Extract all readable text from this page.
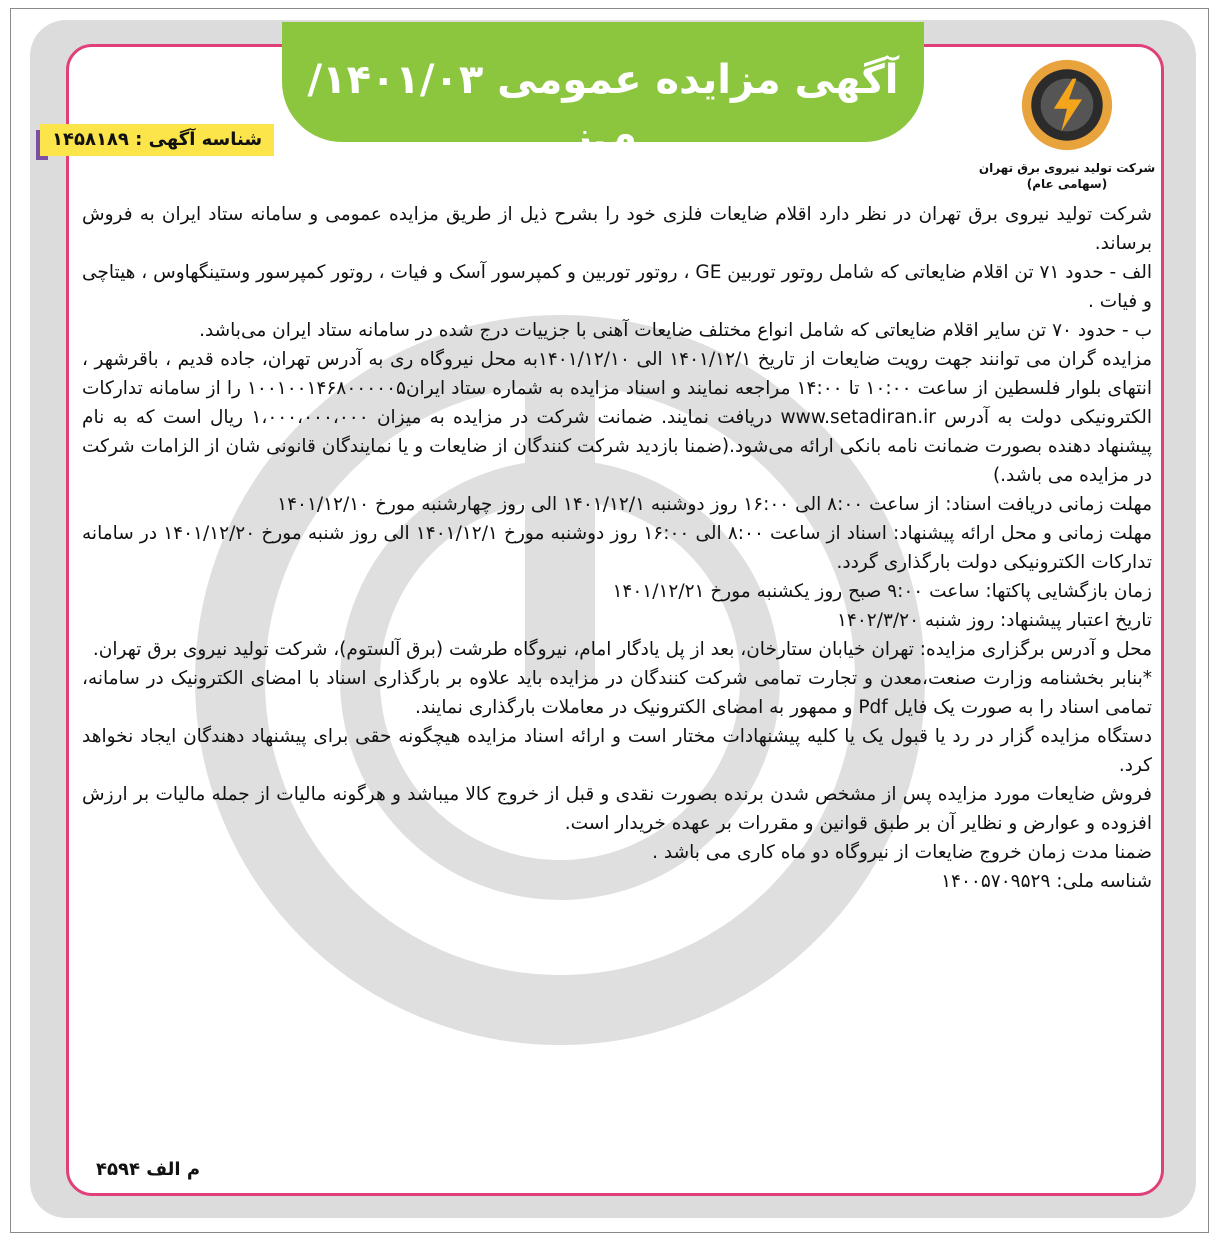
آگهی مزایده عمومی ۱۴۰۱/۰۳/م.ز
شرکت تولید نیروی برق تهران
(سهامی عام)
شناسه آگهی : ۱۴۵۸۱۸۹

شرکت تولید نیروی برق تهران در نظر دارد اقلام ضایعات فلزی خود را بشرح ذیل از طریق مزایده عمومی و سامانه ستاد ایران به فروش برساند.

الف - حدود ۷۱ تن اقلام ضایعاتی که شامل روتور توربین GE ، روتور توربین و کمپرسور آسک و فیات ، روتور کمپرسور وستینگهاوس ، هیتاچی و فیات .

ب - حدود ۷۰ تن سایر اقلام ضایعاتی که شامل انواع مختلف ضایعات آهنی با جزییات درج شده در سامانه ستاد ایران می‌باشد.

مزایده گران می توانند جهت رویت ضایعات از تاریخ ۱۴۰۱/۱۲/۱ الی ۱۴۰۱/۱۲/۱۰به محل نیروگاه ری به آدرس تهران، جاده قدیم ، باقرشهر ، انتهای بلوار فلسطین از ساعت ۱۰:۰۰ تا ۱۴:۰۰ مراجعه نمایند و اسناد مزایده به شماره ستاد ایران۱۰۰۱۰۰۱۴۶۸۰۰۰۰۰۵ را از سامانه تدارکات الکترونیکی دولت به آدرس www.setadiran.ir دریافت نمایند. ضمانت شرکت در مزایده به میزان ۱،۰۰۰،۰۰۰،۰۰۰ ریال است که به نام پیشنهاد دهنده بصورت ضمانت نامه بانکی ارائه می‌شود.(ضمنا بازدید شرکت کنندگان از ضایعات و یا نمایندگان قانونی شان از الزامات شرکت در مزایده می باشد.)

مهلت زمانی دریافت اسناد: از ساعت ۸:۰۰ الی ۱۶:۰۰ روز دوشنبه ۱۴۰۱/۱۲/۱ الی روز چهارشنبه مورخ ۱۴۰۱/۱۲/۱۰

مهلت زمانی و محل ارائه پیشنهاد: اسناد از ساعت ۸:۰۰ الی ۱۶:۰۰ روز دوشنبه مورخ ۱۴۰۱/۱۲/۱ الی روز شنبه مورخ ۱۴۰۱/۱۲/۲۰ در سامانه تدارکات الکترونیکی دولت بارگذاری گردد.

زمان بازگشایی پاکتها: ساعت ۹:۰۰ صبح روز یکشنبه مورخ ۱۴۰۱/۱۲/۲۱

تاریخ اعتبار پیشنهاد: روز شنبه ۱۴۰۲/۳/۲۰

محل و آدرس برگزاری مزایده: تهران خیابان ستارخان، بعد از پل یادگار امام، نیروگاه طرشت (برق آلستوم)، شرکت تولید نیروی برق تهران.

*بنابر بخشنامه وزارت صنعت،معدن و تجارت تمامی شرکت کنندگان در مزایده باید علاوه بر بارگذاری اسناد با امضای الکترونیک در سامانه، تمامی اسناد را به صورت یک فایل Pdf و ممهور به امضای الکترونیک در معاملات بارگذاری نمایند.

دستگاه مزایده گزار در رد یا قبول یک یا کلیه پیشنهادات مختار است و ارائه اسناد مزایده هیچگونه حقی برای پیشنهاد دهندگان ایجاد نخواهد کرد.

فروش ضایعات مورد مزایده پس از مشخص شدن برنده بصورت نقدی و قبل از خروج کالا میباشد و هرگونه مالیات از جمله مالیات بر ارزش افزوده و عوارض و نظایر آن بر طبق قوانین و مقررات بر عهده خریدار است.

ضمنا مدت زمان خروج ضایعات از نیروگاه دو ماه کاری می باشد .

شناسه ملی: ۱۴۰۰۵۷۰۹۵۲۹

م الف ۴۵۹۴
